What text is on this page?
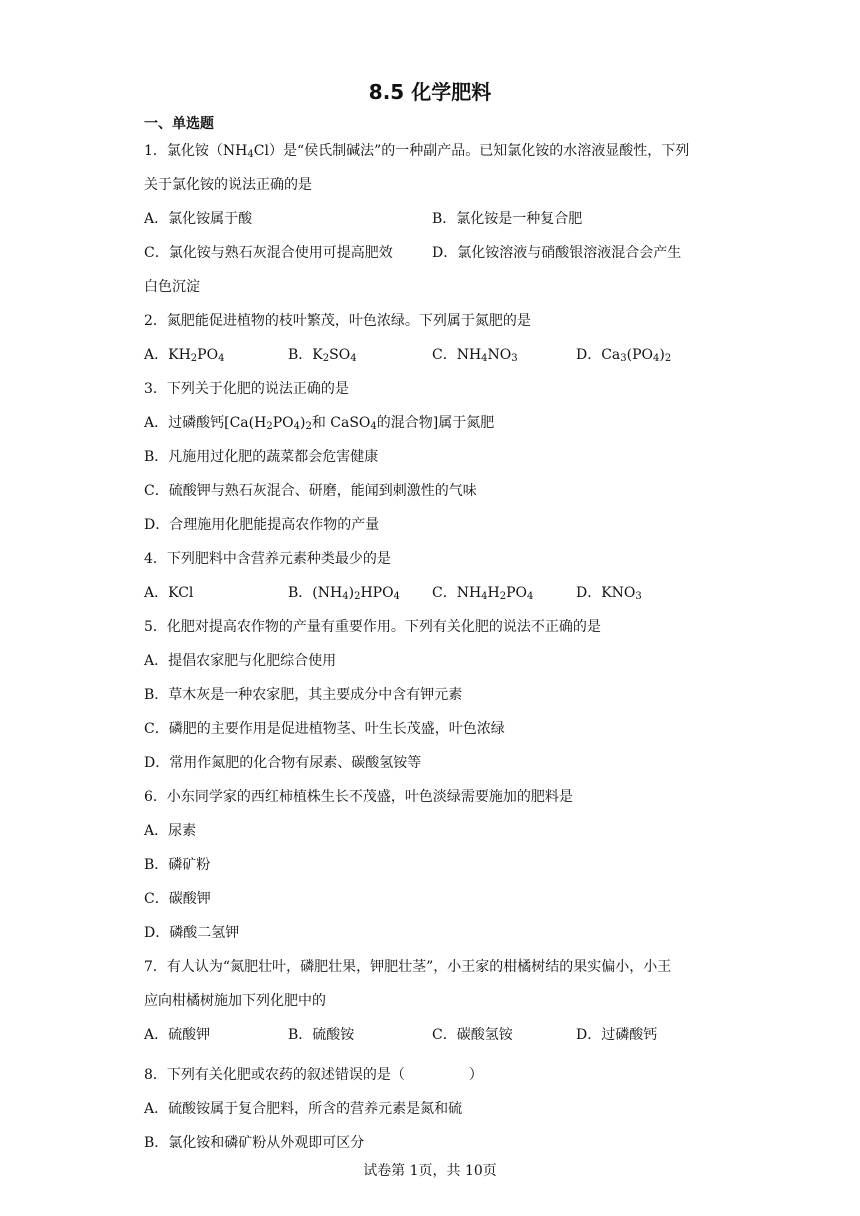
8.5 化学肥料
一、单选题
1．氯化铵$(NH_4Cl)$是“侯氏制碱法”的一种副产品。已知氯化铵的水溶液显酸性，下列
关于氯化铵的说法正确的是
A．氯化铵属于酸	B．氯化铵是一种复合肥
C．氯化铵与熟石灰混合使用可提高肥效	D．氯化铵溶液与硝酸银溶液混合会产生
白色沉淀
2．氮肥能促进植物的枝叶繁茂，叶色浓绿。下列属于氮肥的是
A．$KH_2PO_4$	B．$K_2SO_4$	C．$NH_4NO_3$	D．$Ca_3(PO_4)_2$
3．下列关于化肥的说法正确的是
A．过磷酸钙[$Ca(H_2PO_4)_2$和 CaSO$_4$的混合物]属于氮肥
B．凡施用过化肥的蔬菜都会危害健康
C．硫酸钾与熟石灰混合、研磨，能闻到刺激性的气味
D．合理施用化肥能提高农作物的产量
4．下列肥料中含营养元素种类最少的是
A．KCl	B．$(NH_4)_2HPO_4$	C．$NH_4H_2PO_4$	D．$KNO_3$
5．化肥对提高农作物的产量有重要作用。下列有关化肥的说法不正确的是
A．提倡农家肥与化肥综合使用
B．草木灰是一种农家肥，其主要成分中含有钾元素
C．磷肥的主要作用是促进植物茎、叶生长茂盛，叶色浓绿
D．常用作氮肥的化合物有尿素、碳酸氢铵等
6．小东同学家的西红柿植株生长不茂盛，叶色淡绿需要施加的肥料是
A．尿素
B．磷矿粉
C．碳酸钾
D．磷酸二氢钾
7．有人认为“氮肥壮叶，磷肥壮果，钾肥壮茎”，小王家的柑橘树结的果实偏小，小王
应向柑橘树施加下列化肥中的
A．硫酸钾	B．硫酸铵	C．碳酸氢铵	D．过磷酸钙
8．下列有关化肥或农药的叙述错误的是（	）
A．硫酸铵属于复合肥料，所含的营养元素是氮和硫
B．氯化铵和磷矿粉从外观即可区分
试卷第 1页，共 10页
